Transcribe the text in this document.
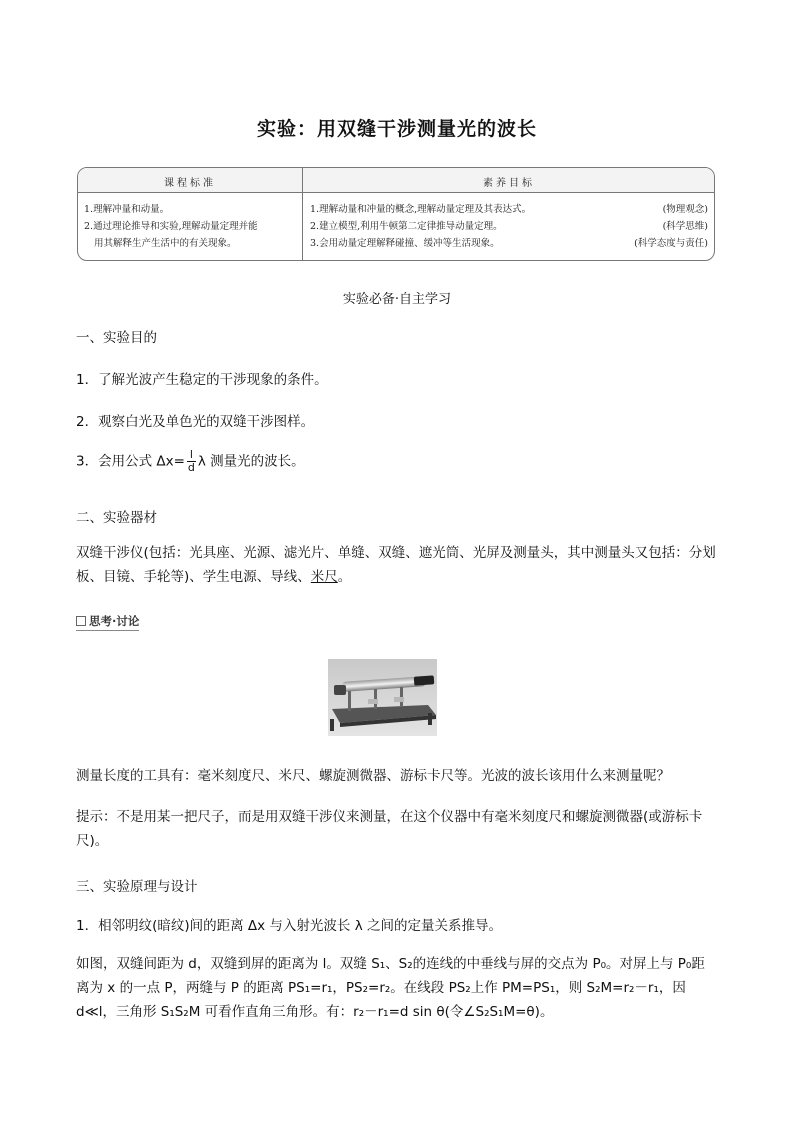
实验：用双缝干涉测量光的波长
课程标准	素养目标
1.理解冲量和动量。
2.通过理论推导和实验,理解动量定理并能
用其解释生产生活中的有关现象。
1.理解动量和冲量的概念,理解动量定理及其表达式。	(物理观念)
2.建立模型,利用牛顿第二定律推导动量定理。	(科学思维)
3.会用动量定理解释碰撞、缓冲等生活现象。	(科学态度与责任)
实验必备·自主学习
一、实验目的
1．了解光波产生稳定的干涉现象的条件。
2．观察白光及单色光的双缝干涉图样。
3．会用公式 $\Delta x= \frac{l}{d}$ λ 测量光的波长。
二、实验器材
双缝干涉仪(包括：光具座、光源、滤光片、单缝、双缝、遮光筒、光屏及测量头，其中测量头又包括：分划板、目镜、手轮等)、学生电源、导线、米尺。
思考·讨论
测量长度的工具有：毫米刻度尺、米尺、螺旋测微器、游标卡尺等。光波的波长该用什么来测量呢？
提示：不是用某一把尺子，而是用双缝干涉仪来测量，在这个仪器中有毫米刻度尺和螺旋测微器(或游标卡尺)。
三、实验原理与设计
1．相邻明纹(暗纹)间的距离 Δx 与入射光波长 λ 之间的定量关系推导。
如图，双缝间距为 d，双缝到屏的距离为 l。双缝 S₁、S₂的连线的中垂线与屏的交点为 P₀。对屏上与 P₀距离为 x 的一点 P，两缝与 P 的距离 PS₁=r₁，PS₂=r₂。在线段 PS₂上作 PM=PS₁，则 S₂M=r₂－r₁，因 d≪l，三角形 S₁S₂M 可看作直角三角形。有：r₂－r₁=d sin θ(令∠S₂S₁M=θ)。
